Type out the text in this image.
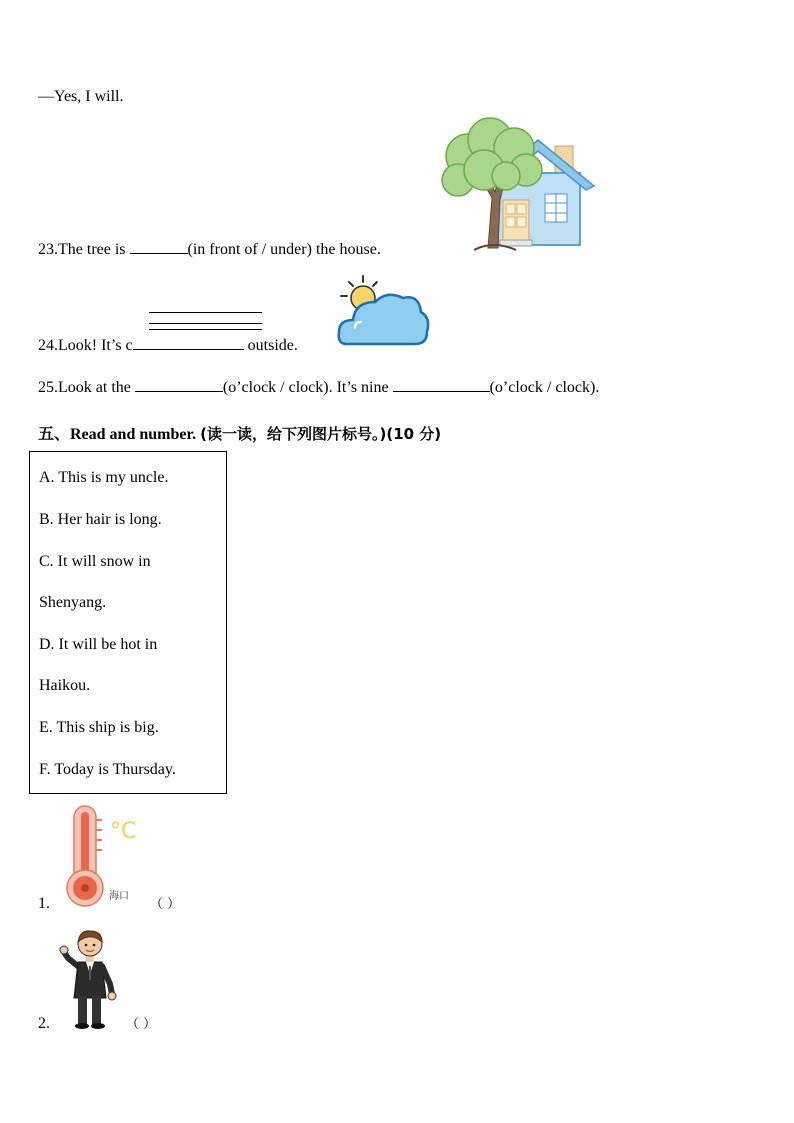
—Yes, I will.
23.The tree is	(in front of / under) the house.
24.Look! It’s c	outside.
25.Look at the	(o’clock / clock). It’s nine	(o’clock / clock).
五、Read and number. (读一读，给下列图片标号。)(10 分)
A. This is my uncle.
B. Her hair is long.
C. It will snow in
Shenyang.
D. It will be hot in
Haikou.
E. This ship is big.
F. Today is Thursday.
1.
°C
海口
（ ）
2.	（ ）
